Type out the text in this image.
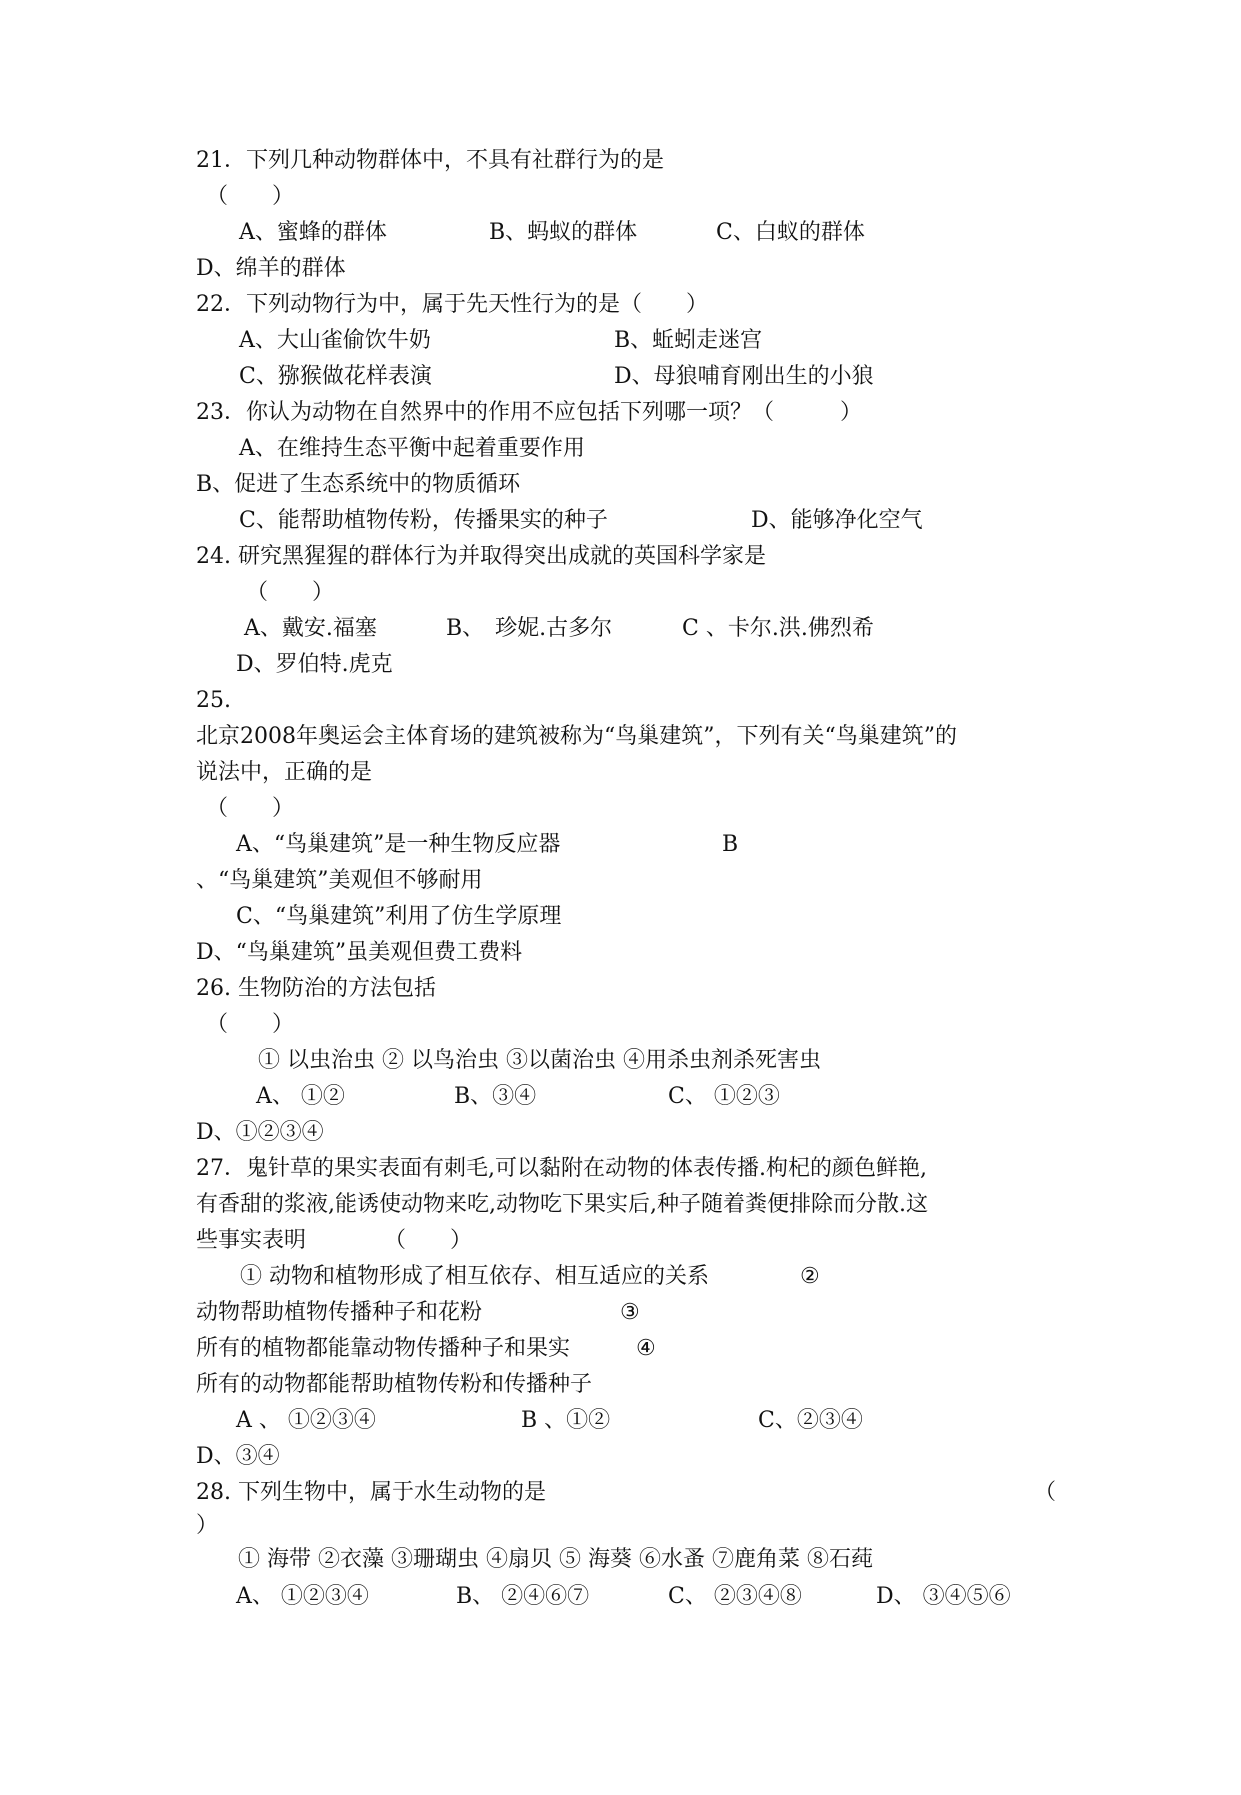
21．下列几种动物群体中，不具有社群行为的是

（　　）

A、蜜蜂的群体

	B、蚂蚁的群体

	C、白蚁的群体

D、绵羊的群体

22．下列动物行为中，属于先天性行为的是（　　）

A、大山雀偷饮牛奶

	B、蚯蚓走迷宫

C、猕猴做花样表演

	D、母狼哺育刚出生的小狼

23．你认为动物在自然界中的作用不应包括下列哪一项？（　　　）

A、在维持生态平衡中起着重要作用

B、促进了生态系统中的物质循环

C、能帮助植物传粉，传播果实的种子

	D、能够净化空气

24. 研究黑猩猩的群体行为并取得突出成就的英国科学家是

（　　）

A、戴安.福塞

	B、　珍妮.古多尔

	C 、卡尔.洪.佛烈希

D、罗伯特.虎克

25.

北京2008年奥运会主体育场的建筑被称为“鸟巢建筑”，下列有关“鸟巢建筑”的

说法中，正确的是

（　　）

A、“鸟巢建筑”是一种生物反应器

	B

、“鸟巢建筑”美观但不够耐用

C、“鸟巢建筑”利用了仿生学原理

D、“鸟巢建筑”虽美观但费工费料

26. 生物防治的方法包括

（　　）

① 以虫治虫 ② 以鸟治虫 ③以菌治虫 ④用杀虫剂杀死害虫

A、 ①②

	B、③④

	C、 ①②③

D、①②③④

27．鬼针草的果实表面有刺毛,可以黏附在动物的体表传播.枸杞的颜色鲜艳,

有香甜的浆液,能诱使动物来吃,动物吃下果实后,种子随着粪便排除而分散.这

些事实表明

	（　　）

① 动物和植物形成了相互依存、相互适应的关系

	②

动物帮助植物传播种子和花粉

	③

所有的植物都能靠动物传播种子和果实

	④

所有的动物都能帮助植物传粉和传播种子

A 、 ①②③④

	B 、①②

	C、②③④

D、③④

28. 下列生物中，属于水生动物的是

	（

）

① 海带 ②衣藻 ③珊瑚虫 ④扇贝 ⑤ 海葵 ⑥水蚤 ⑦鹿角菜 ⑧石莼

A、 ①②③④

	B、 ②④⑥⑦

	C、 ②③④⑧

	D、 ③④⑤⑥
